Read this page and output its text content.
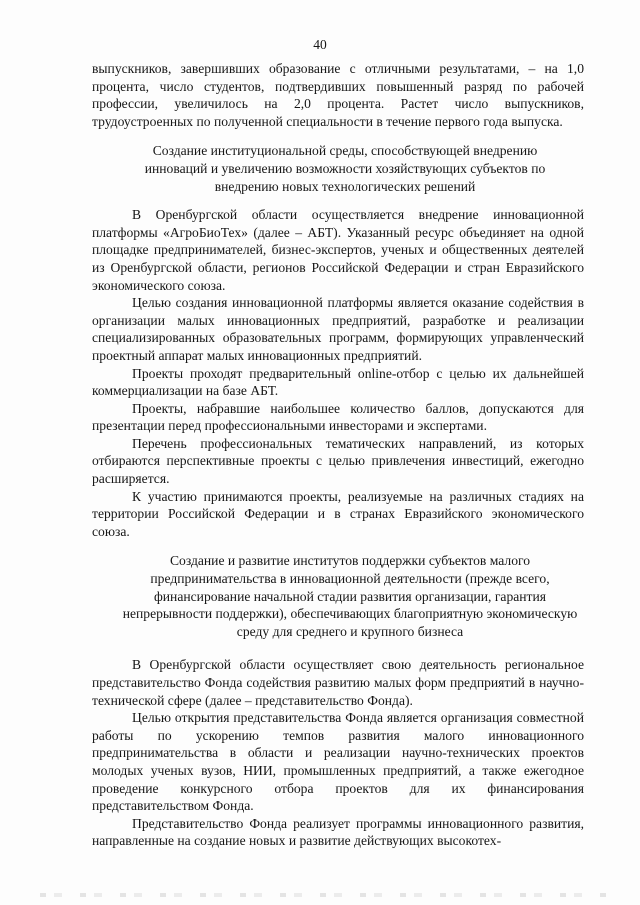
40

выпускников, завершивших образование с отличными результатами, – на 1,0 процента, число студентов, подтвердивших повышенный разряд по рабочей профессии, увеличилось на 2,0 процента. Растет число выпускников, трудоустроенных по полученной специальности в течение первого года выпуска.

Создание институциональной среды, способствующей внедрению инноваций и увеличению возможности хозяйствующих субъектов по внедрению новых технологических решений

В Оренбургской области осуществляется внедрение инновационной платформы «АгроБиоТех» (далее – АБТ). Указанный ресурс объединяет на одной площадке предпринимателей, бизнес-экспертов, ученых и общественных деятелей из Оренбургской области, регионов Российской Федерации и стран Евразийского экономического союза.

Целью создания инновационной платформы является оказание содействия в организации малых инновационных предприятий, разработке и реализации специализированных образовательных программ, формирующих управленческий проектный аппарат малых инновационных предприятий.

Проекты проходят предварительный online-отбор с целью их дальнейшей коммерциализации на базе АБТ.

Проекты, набравшие наибольшее количество баллов, допускаются для презентации перед профессиональными инвесторами и экспертами.

Перечень профессиональных тематических направлений, из которых отбираются перспективные проекты с целью привлечения инвестиций, ежегодно расширяется.

К участию принимаются проекты, реализуемые на различных стадиях на территории Российской Федерации и в странах Евразийского экономического союза.

Создание и развитие институтов поддержки субъектов малого предпринимательства в инновационной деятельности (прежде всего, финансирование начальной стадии развития организации, гарантия непрерывности поддержки), обеспечивающих благоприятную экономическую среду для среднего и крупного бизнеса

В Оренбургской области осуществляет свою деятельность региональное представительство Фонда содействия развитию малых форм предприятий в научно-технической сфере (далее – представительство Фонда).

Целью открытия представительства Фонда является организация совместной работы по ускорению темпов развития малого инновационного предпринимательства в области и реализации научно-технических проектов молодых ученых вузов, НИИ, промышленных предприятий, а также ежегодное проведение конкурсного отбора проектов для их финансирования представительством Фонда.

Представительство Фонда реализует программы инновационного развития, направленные на создание новых и развитие действующих высокотех-
